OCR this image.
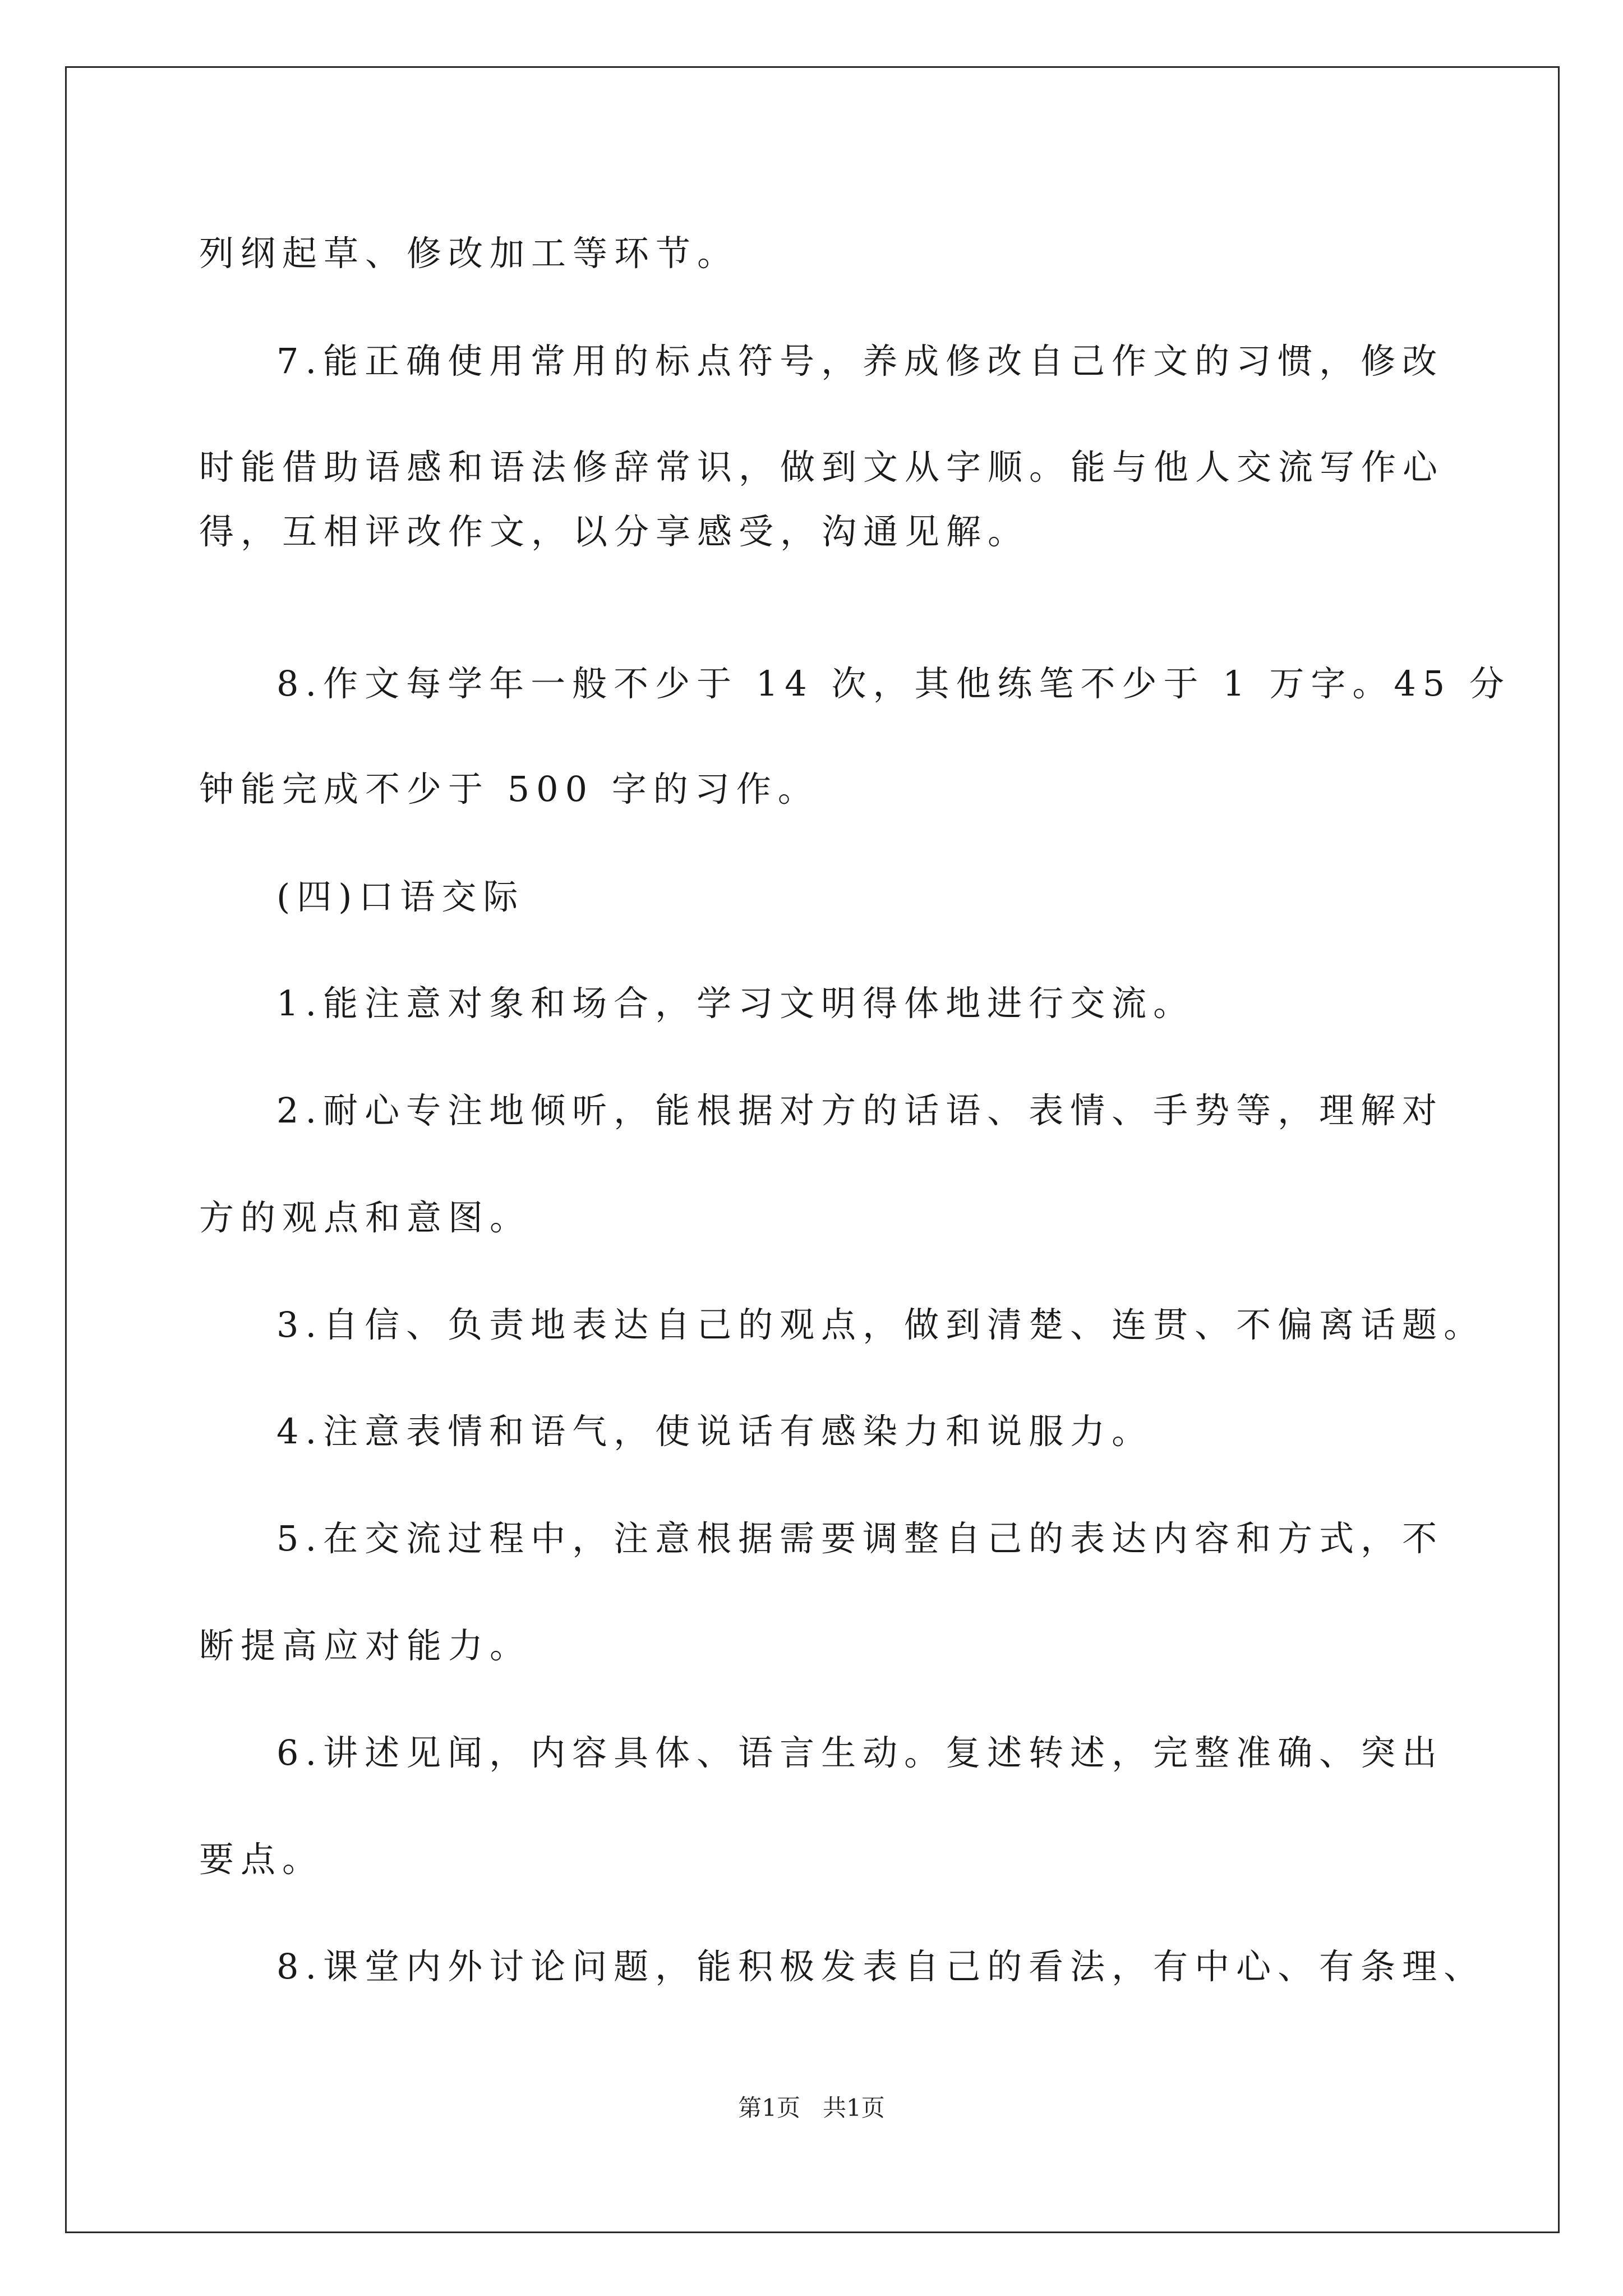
列纲起草、修改加工等环节。
7.能正确使用常用的标点符号，养成修改自己作文的习惯，修改
时能借助语感和语法修辞常识，做到文从字顺。能与他人交流写作心
得，互相评改作文，以分享感受，沟通见解。
8.作文每学年一般不少于 14 次，其他练笔不少于 1 万字。45 分
钟能完成不少于 500 字的习作。
(四)口语交际
1.能注意对象和场合，学习文明得体地进行交流。
2.耐心专注地倾听，能根据对方的话语、表情、手势等，理解对
方的观点和意图。
3.自信、负责地表达自己的观点，做到清楚、连贯、不偏离话题。
4.注意表情和语气，使说话有感染力和说服力。
5.在交流过程中，注意根据需要调整自己的表达内容和方式，不
断提高应对能力。
6.讲述见闻，内容具体、语言生动。复述转述，完整准确、突出
要点。
8.课堂内外讨论问题，能积极发表自己的看法，有中心、有条理、
第1页   共1页
